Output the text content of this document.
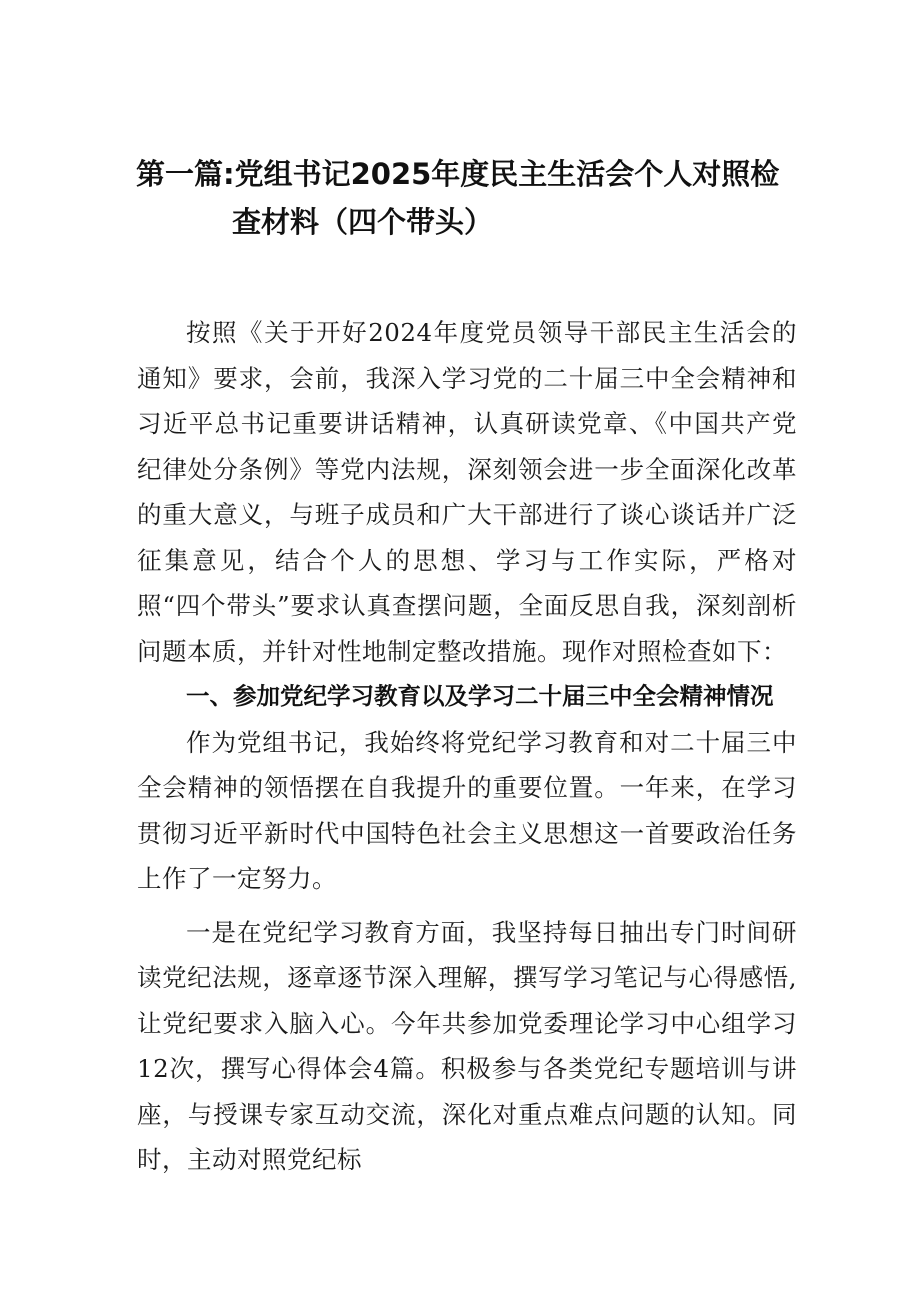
第一篇:党组书记2025年度民主生活会个人对照检
查材料（四个带头）

按照《关于开好2024年度党员领导干部民主生活会的通知》要求，会前，我深入学习党的二十届三中全会精神和习近平总书记重要讲话精神，认真研读党章、《中国共产党纪律处分条例》等党内法规，深刻领会进一步全面深化改革的重大意义，与班子成员和广大干部进行了谈心谈话并广泛征集意见，结合个人的思想、学习与工作实际，严格对照“四个带头”要求认真查摆问题，全面反思自我，深刻剖析问题本质，并针对性地制定整改措施。现作对照检查如下：

一、参加党纪学习教育以及学习二十届三中全会精神情况

作为党组书记，我始终将党纪学习教育和对二十届三中全会精神的领悟摆在自我提升的重要位置。一年来，在学习贯彻习近平新时代中国特色社会主义思想这一首要政治任务上作了一定努力。

一是在党纪学习教育方面，我坚持每日抽出专门时间研读党纪法规，逐章逐节深入理解，撰写学习笔记与心得感悟,让党纪要求入脑入心。今年共参加党委理论学习中心组学习12次，撰写心得体会4篇。积极参与各类党纪专题培训与讲座，与授课专家互动交流，深化对重点难点问题的认知。同时，主动对照党纪标
